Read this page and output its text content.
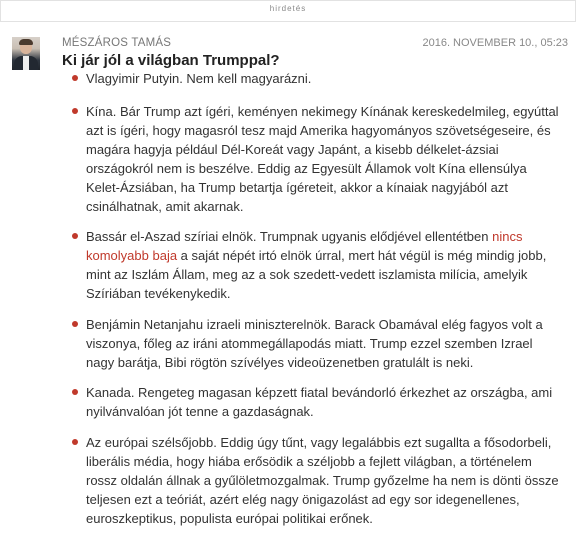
hirdetés
MÉSZÁROS TAMÁS	2016. NOVEMBER 10., 05:23
Ki jár jól a világban Trumppal?
Vlagyimir Putyin. Nem kell magyarázni.
Kína. Bár Trump azt ígéri, keményen nekimegy Kínának kereskedelmileg, egyúttal azt is ígéri, hogy magasról tesz majd Amerika hagyományos szövetségeseire, és magára hagyja például Dél-Koreát vagy Japánt, a kisebb délkelet-ázsiai országokról nem is beszélve. Eddig az Egyesült Államok volt Kína ellensúlya Kelet-Ázsiában, ha Trump betartja ígéreteit, akkor a kínaiak nagyjából azt csinálhatnak, amit akarnak.
Bassár el-Aszad szíriai elnök. Trumpnak ugyanis elődjével ellentétben nincs komolyabb baja a saját népét irtó elnök úrral, mert hát végül is még mindig jobb, mint az Iszlám Állam, meg az a sok szedett-vedett iszlamista milícia, amelyik Szíriában tevékenykedik.
Benjámin Netanjahu izraeli miniszterelnök. Barack Obamával elég fagyos volt a viszonya, főleg az iráni atommegállapodás miatt. Trump ezzel szemben Izrael nagy barátja, Bibi rögtön szívélyes videoüzenetben gratulált is neki.
Kanada. Rengeteg magasan képzett fiatal bevándorló érkezhet az országba, ami nyilvánvalóan jót tenne a gazdaságnak.
Az európai szélsőjobb. Eddig úgy tűnt, vagy legalábbis ezt sugallta a fősodorbeli, liberális média, hogy hiába erősödik a széljobb a fejlett világban, a történelem rossz oldalán állnak a gyűlöletmozgalmak. Trump győzelme ha nem is dönti össze teljesen ezt a teóriát, azért elég nagy önigazolást ad egy sor idegenellenes, euroszkeptikus, populista európai politikai erőnek.
